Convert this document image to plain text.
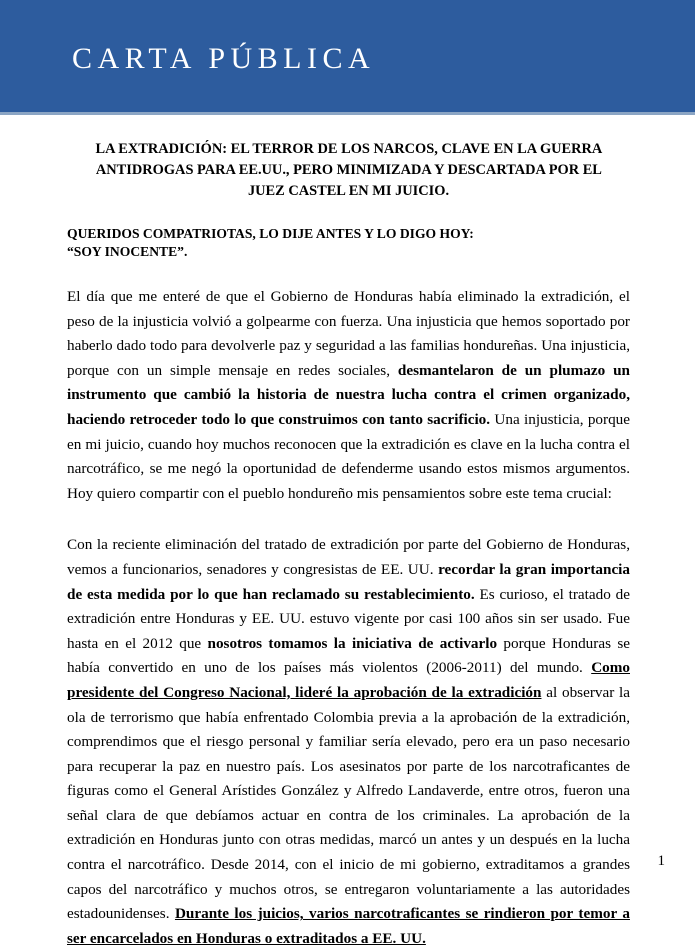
CARTA PÚBLICA
LA EXTRADICIÓN: EL TERROR DE LOS NARCOS, CLAVE EN LA GUERRA ANTIDROGAS PARA EE.UU., PERO MINIMIZADA Y DESCARTADA POR EL JUEZ CASTEL EN MI JUICIO.
QUERIDOS COMPATRIOTAS, LO DIJE ANTES Y LO DIGO HOY:
“SOY INOCENTE”.

El día que me enteré de que el Gobierno de Honduras había eliminado la extradición, el peso de la injusticia volvió a golpearme con fuerza. Una injusticia que hemos soportado por haberlo dado todo para devolverle paz y seguridad a las familias hondureñas. Una injusticia, porque con un simple mensaje en redes sociales, desmantelaron de un plumazo un instrumento que cambió la historia de nuestra lucha contra el crimen organizado, haciendo retroceder todo lo que construimos con tanto sacrificio. Una injusticia, porque en mi juicio, cuando hoy muchos reconocen que la extradición es clave en la lucha contra el narcotráfico, se me negó la oportunidad de defenderme usando estos mismos argumentos. Hoy quiero compartir con el pueblo hondureño mis pensamientos sobre este tema crucial:

Con la reciente eliminación del tratado de extradición por parte del Gobierno de Honduras, vemos a funcionarios, senadores y congresistas de EE. UU. recordar la gran importancia de esta medida por lo que han reclamado su restablecimiento. Es curioso, el tratado de extradición entre Honduras y EE. UU. estuvo vigente por casi 100 años sin ser usado. Fue hasta en el 2012 que nosotros tomamos la iniciativa de activarlo porque Honduras se había convertido en uno de los países más violentos (2006-2011) del mundo. Como presidente del Congreso Nacional, lideré la aprobación de la extradición al observar la ola de terrorismo que había enfrentado Colombia previa a la aprobación de la extradición, comprendimos que el riesgo personal y familiar sería elevado, pero era un paso necesario para recuperar la paz en nuestro país. Los asesinatos por parte de los narcotraficantes de figuras como el General Arístides González y Alfredo Landaverde, entre otros, fueron una señal clara de que debíamos actuar en contra de los criminales. La aprobación de la extradición en Honduras junto con otras medidas, marcó un antes y un después en la lucha contra el narcotráfico. Desde 2014, con el inicio de mi gobierno, extraditamos a grandes capos del narcotráfico y muchos otros, se entregaron voluntariamente a las autoridades estadounidenses. Durante los juicios, varios narcotraficantes se rindieron por temor a ser encarcelados en Honduras o extraditados a EE. UU.

1
